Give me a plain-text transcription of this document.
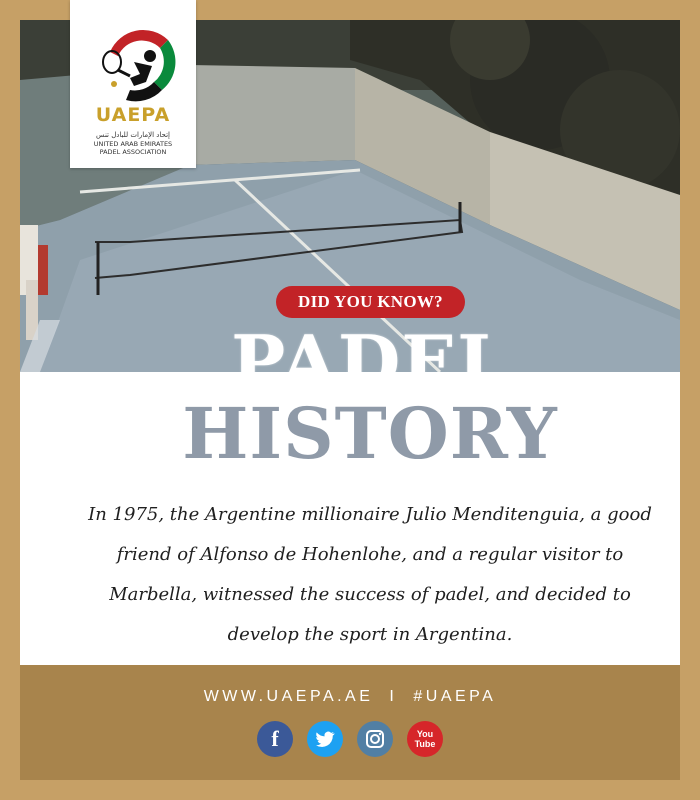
DID YOU KNOW?
PADEL
HISTORY
In 1975, the Argentine millionaire Julio Menditenguia, a good friend of Alfonso de Hohenlohe, and a regular visitor to Marbella, witnessed the success of padel, and decided to develop the sport in Argentina.
UAEPA
إتحاد الإمارات للبادل تنس
UNITED ARAB EMIRATES
PADEL ASSOCIATION
WWW.UAEPA.AE I #UAEPA
f	You
Tube
